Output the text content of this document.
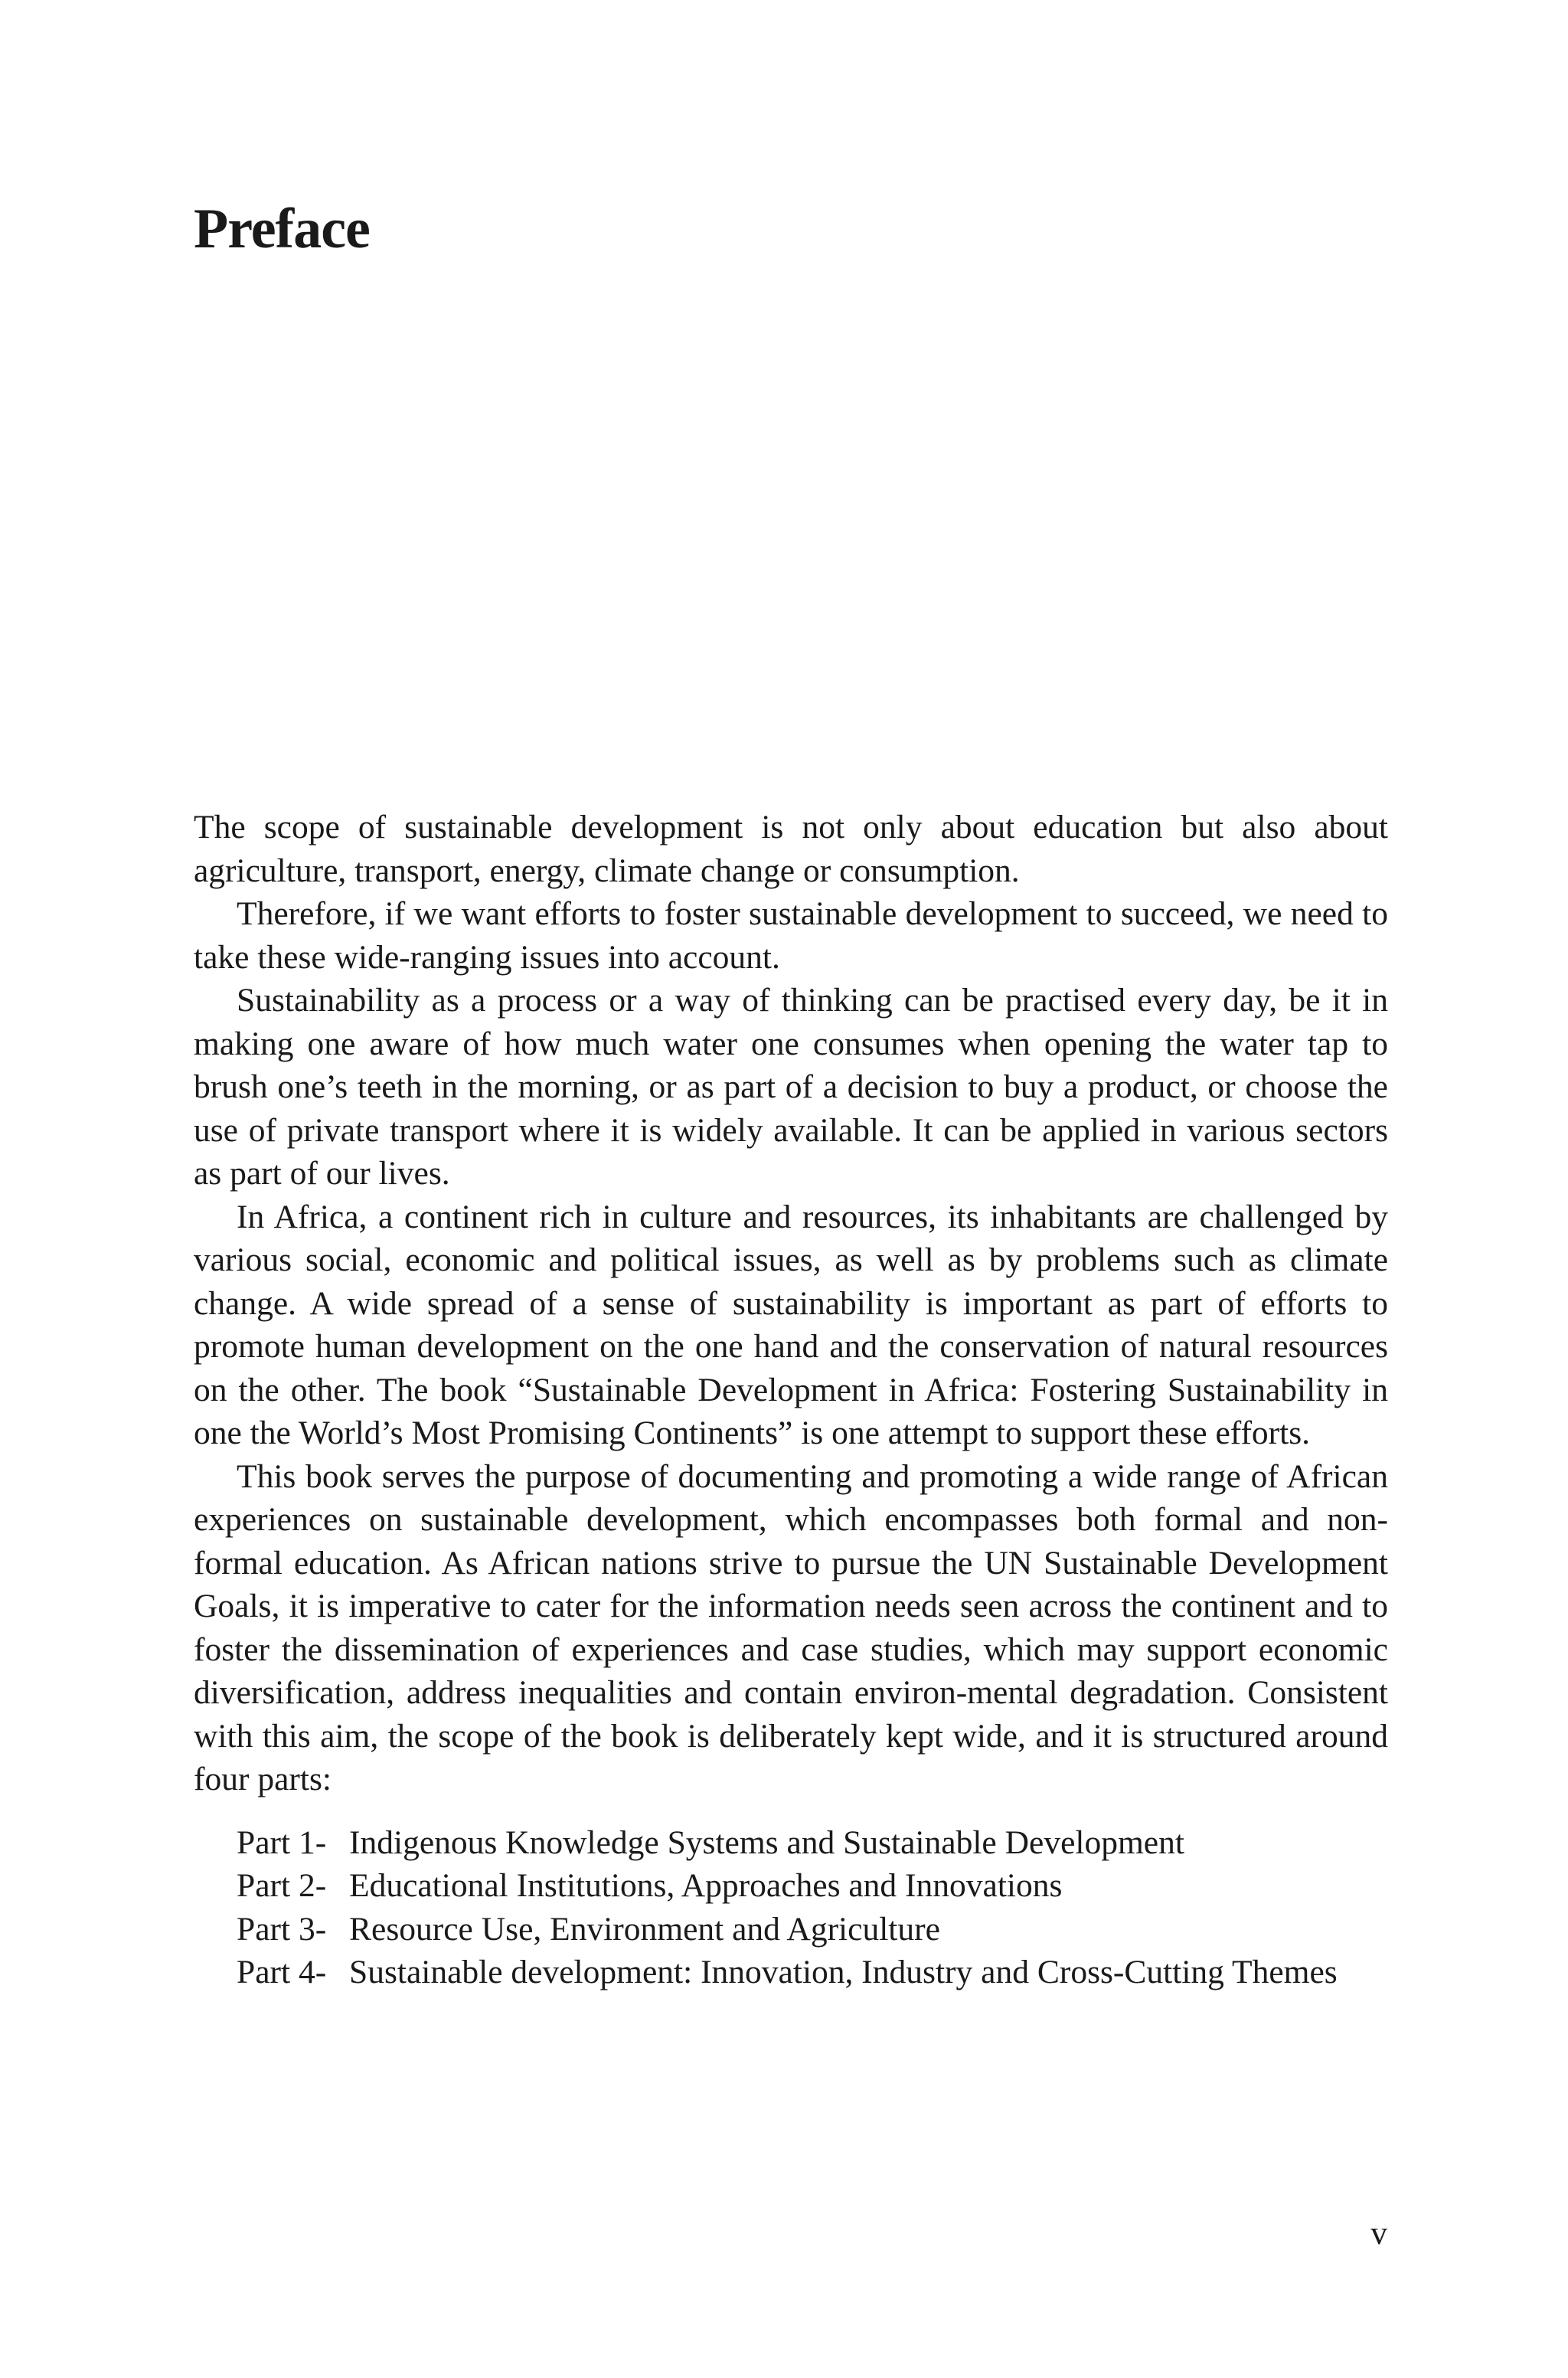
Preface

The scope of sustainable development is not only about education but also about agriculture, transport, energy, climate change or consumption.

Therefore, if we want efforts to foster sustainable development to succeed, we need to take these wide-ranging issues into account.

Sustainability as a process or a way of thinking can be practised every day, be it in making one aware of how much water one consumes when opening the water tap to brush one’s teeth in the morning, or as part of a decision to buy a product, or choose the use of private transport where it is widely available. It can be applied in various sectors as part of our lives.

In Africa, a continent rich in culture and resources, its inhabitants are challenged by various social, economic and political issues, as well as by problems such as climate change. A wide spread of a sense of sustainability is important as part of efforts to promote human development on the one hand and the conservation of natural resources on the other. The book “Sustainable Development in Africa: Fostering Sustainability in one the World’s Most Promising Continents” is one attempt to support these efforts.

This book serves the purpose of documenting and promoting a wide range of African experiences on sustainable development, which encompasses both formal and non-formal education. As African nations strive to pursue the UN Sustainable Development Goals, it is imperative to cater for the information needs seen across the continent and to foster the dissemination of experiences and case studies, which may support economic diversification, address inequalities and contain environ-mental degradation. Consistent with this aim, the scope of the book is deliberately kept wide, and it is structured around four parts:

Part 1- Indigenous Knowledge Systems and Sustainable Development
Part 2- Educational Institutions, Approaches and Innovations
Part 3- Resource Use, Environment and Agriculture
Part 4- Sustainable development: Innovation, Industry and Cross-Cutting Themes
v
